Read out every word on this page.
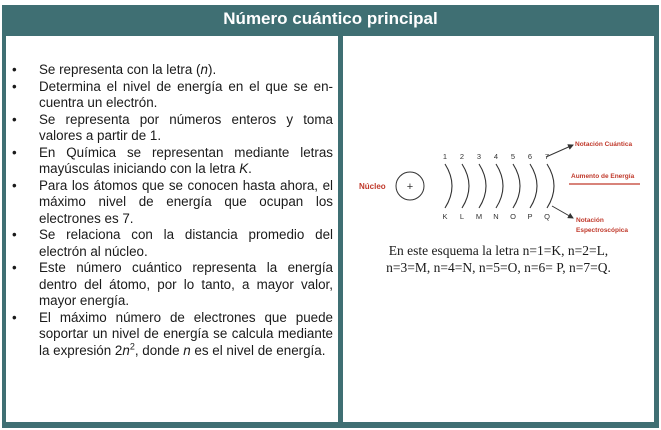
Número cuántico principal
• Se representa con la letra (n).
• Determina el nivel de energía en el que se en-cuentra un electrón.
• Se representa por números enteros y toma valores a partir de 1.
• En Química se representan mediante letras mayúsculas iniciando con la letra K.
• Para los átomos que se conocen hasta ahora, el máximo nivel de energía que ocupan los electrones es 7.
• Se relaciona con la distancia promedio del electrón al núcleo.
• Este número cuántico representa la energía dentro del átomo, por lo tanto, a mayor valor, mayor energía.
• El máximo número de electrones que puede soportar un nivel de energía se calcula mediante la expresión $2n^2$, donde n es el nivel de energía.
Núcleo +
1
K
2
L
3
M
4
N
5
O
6
P Q
Notación Cuántica
Aumento de Energía
Notación
Espectroscópica
En este esquema la letra n=1=K, n=2=L,
n=3=M, n=4=N, n=5=O, n=6= P, n=7=Q.
